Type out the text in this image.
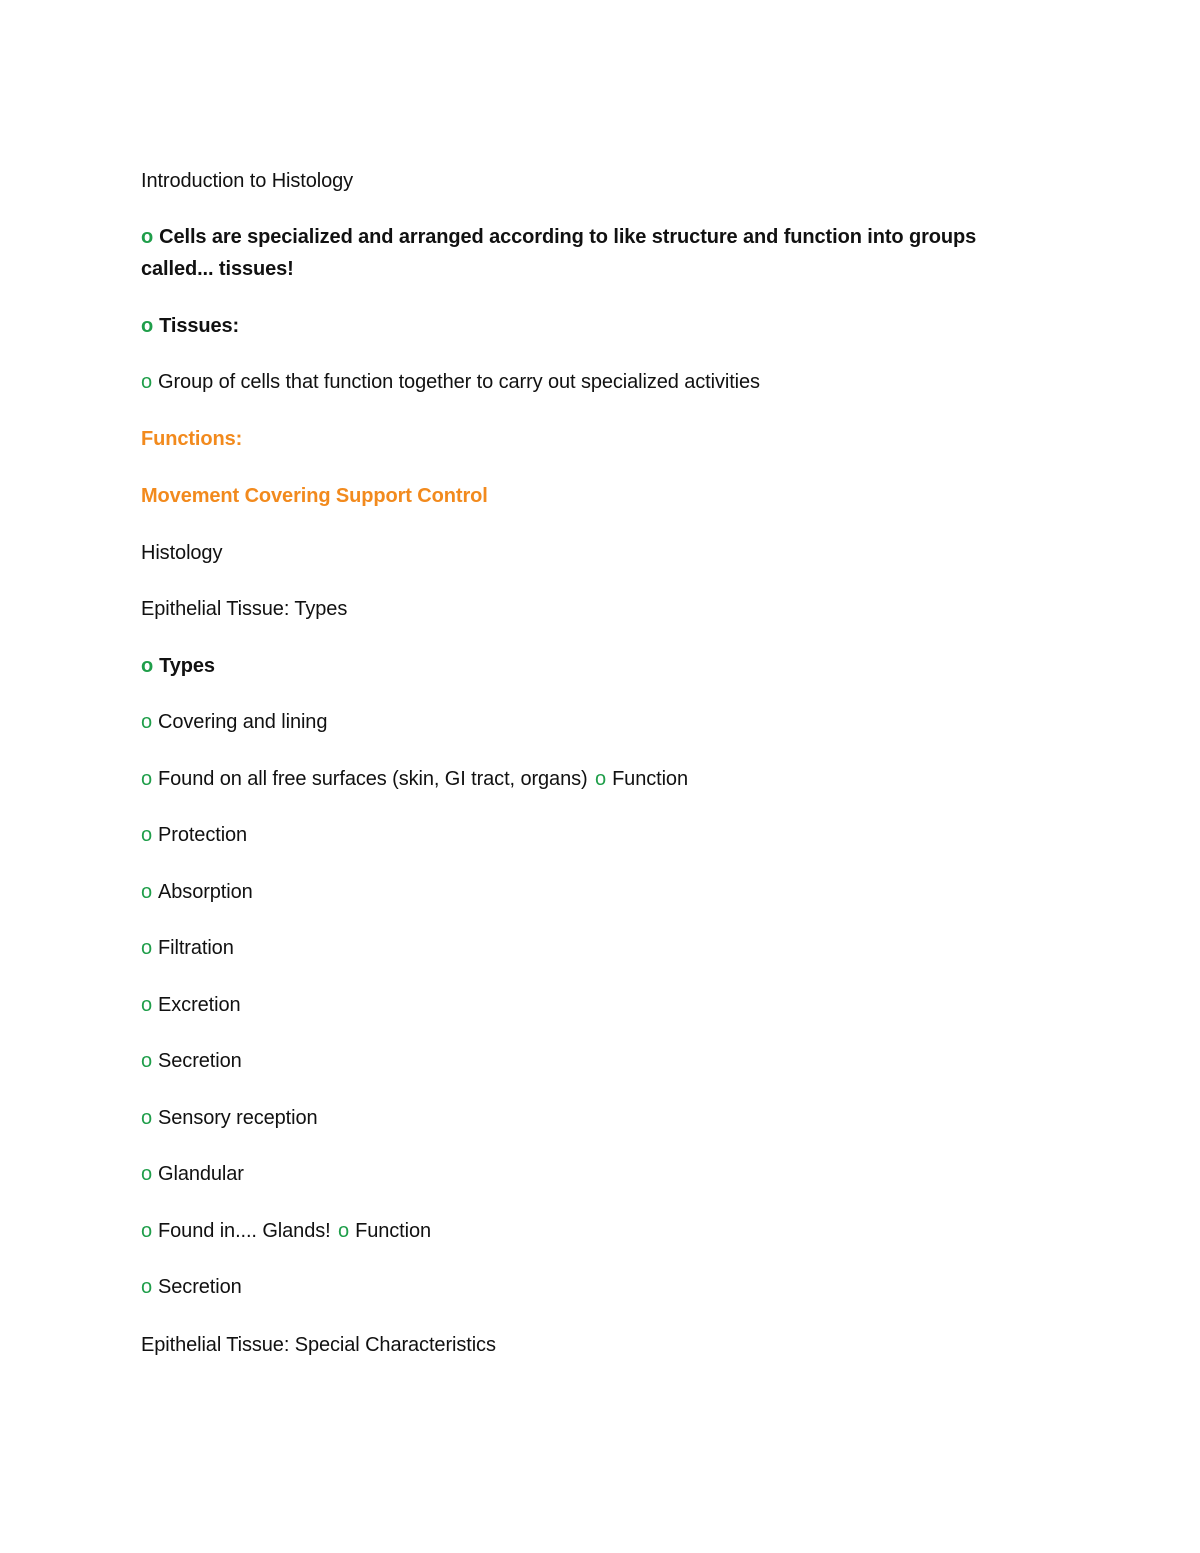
Introduction to Histology
o Cells are specialized and arranged according to like structure and function into groups called... tissues!
o Tissues:
o Group of cells that function together to carry out specialized activities
Functions:
Movement Covering Support Control
Histology
Epithelial Tissue: Types
o Types
o Covering and lining
o Found on all free surfaces (skin, GI tract, organs) o Function
o Protection
o Absorption
o Filtration
o Excretion
o Secretion
o Sensory reception
o Glandular
o Found in.... Glands! o Function
o Secretion
Epithelial Tissue: Special Characteristics
